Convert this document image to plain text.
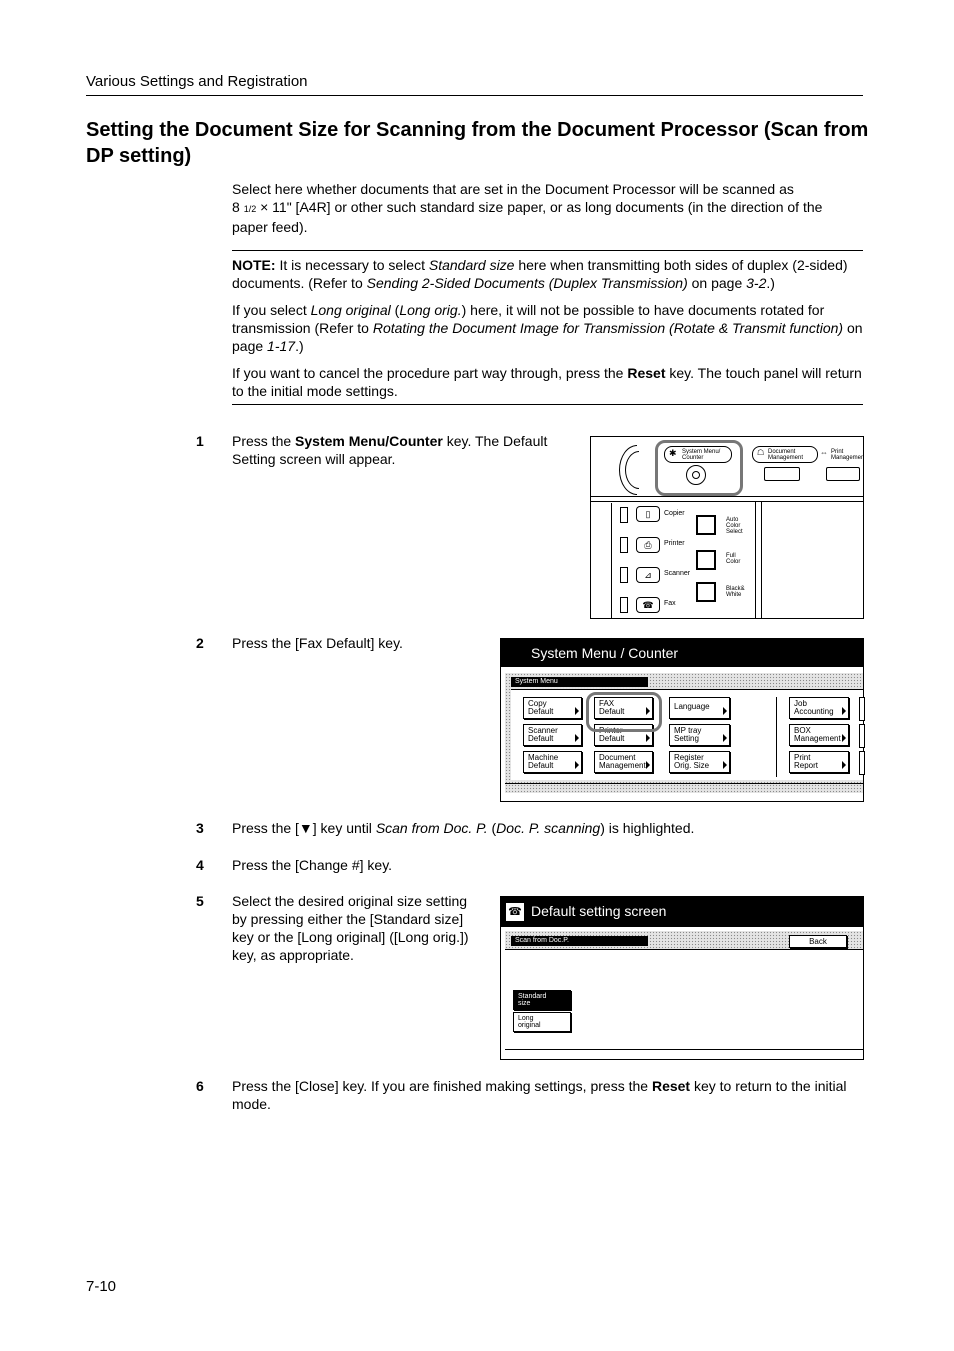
Various Settings and Registration
Setting the Document Size for Scanning from the Document Processor (Scan from DP setting)
Select here whether documents that are set in the Document Processor will be scanned as
8 1/2 × 11" [A4R] or other such standard size paper, or as long documents (in the direction of the
paper feed).
NOTE: It is necessary to select Standard size here when transmitting both sides of duplex (2-sided) documents. (Refer to Sending 2-Sided Documents (Duplex Transmission) on page 3-2.)
If you select Long original (Long orig.) here, it will not be possible to have documents rotated for transmission (Refer to Rotating the Document Image for Transmission (Rotate & Transmit function) on page 1-17.)
If you want to cancel the procedure part way through, press the Reset key. The touch panel will return to the initial mode settings.
1 Press the System Menu/Counter key. The Default Setting screen will appear.	✱ System Menu/
Counter
☖ Document
Management
⇔ Print
Managemen
▯	Copier
⎙	Printer
⊿	Scanner
☎	Fax
Auto
Color
Select
Full
Color
Black&
White
2 Press the [Fax Default] key.
System Menu / Counter
System Menu
Copy
Default
FAX
Default
Language	Job
Accounting
Scanner
Default
Printer
Default
MP tray
Setting
BOX
Management
Machine
Default
Document
Management
Register
Orig. Size
Print
Report
3 Press the [▼] key until Scan from Doc. P. (Doc. P. scanning) is highlighted.
4 Press the [Change #] key.
5 Select the desired original size setting by pressing either the [Standard size] key or the [Long original] ([Long orig.]) key, as appropriate.
☎ Default setting screen
Scan from Doc.P.	Back
Standard
size
Long
original
6 Press the [Close] key. If you are finished making settings, press the Reset key to return to the initial mode.
7-10
